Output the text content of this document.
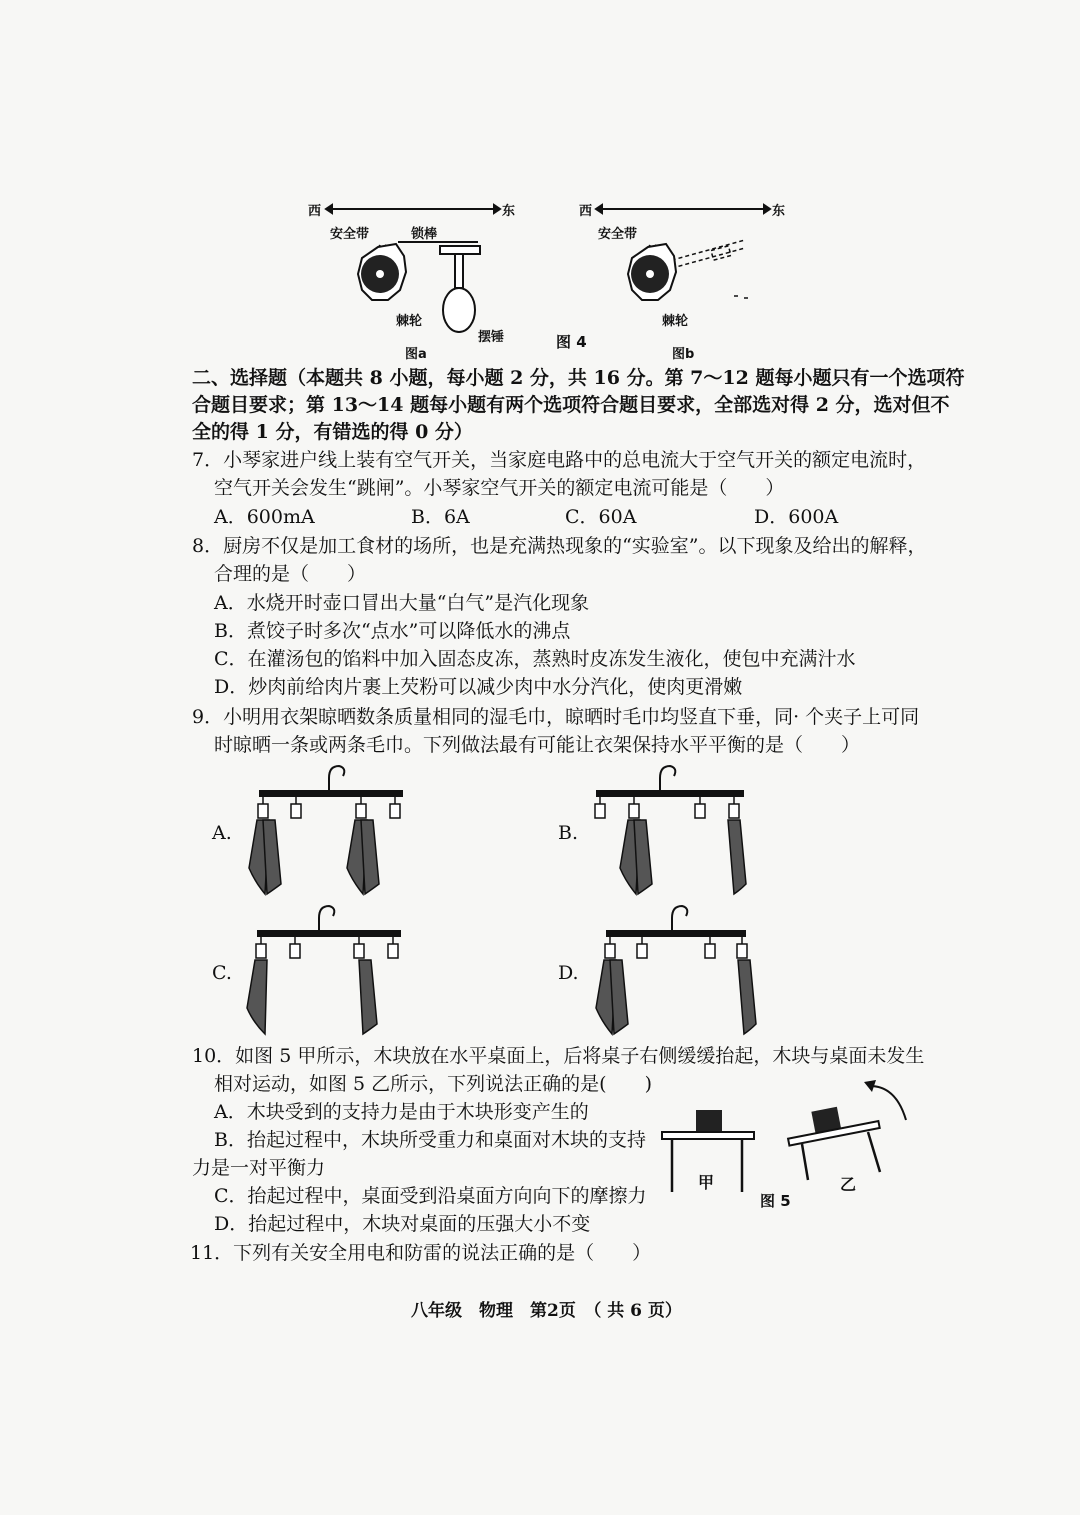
西	东
安全带	锁棒
棘轮
摆锤
图a
西	东
安全带
棘轮
图b
图 4
二、选择题（本题共 8 小题，每小题 2 分，共 16 分。第 7～12 题每小题只有一个选项符
合题目要求；第 13～14 题每小题有两个选项符合题目要求，全部选对得 2 分，选对但不
全的得 1 分，有错选的得 0 分）
7．小琴家进户线上装有空气开关，当家庭电路中的总电流大于空气开关的额定电流时，
空气开关会发生“跳闸”。小琴家空气开关的额定电流可能是（　　）
A．600mA	B．6A	C．60A	D．600A
8．厨房不仅是加工食材的场所，也是充满热现象的“实验室”。以下现象及给出的解释，
合理的是（　　）
A．水烧开时壶口冒出大量“白气”是汽化现象
B．煮饺子时多次“点水”可以降低水的沸点
C．在灌汤包的馅料中加入固态皮冻，蒸熟时皮冻发生液化，使包中充满汁水
D．炒肉前给肉片裹上芡粉可以减少肉中水分汽化，使肉更滑嫩
9．小明用衣架晾晒数条质量相同的湿毛巾，晾晒时毛巾均竖直下垂，同· 个夹子上可同
时晾晒一条或两条毛巾。下列做法最有可能让衣架保持水平平衡的是（　　）
A.	B.
C.	D.
10．如图 5 甲所示，木块放在水平桌面上，后将桌子右侧缓缓抬起，木块与桌面未发生
相对运动，如图 5 乙所示，下列说法正确的是(　　)
A．木块受到的支持力是由于木块形变产生的
B．抬起过程中，木块所受重力和桌面对木块的支持
力是一对平衡力
C．抬起过程中，桌面受到沿桌面方向向下的摩擦力
D．抬起过程中，木块对桌面的压强大小不变
甲	乙
图 5
11．下列有关安全用电和防雷的说法正确的是（　　）
八年级　物理　第2页　（ 共 6 页）
